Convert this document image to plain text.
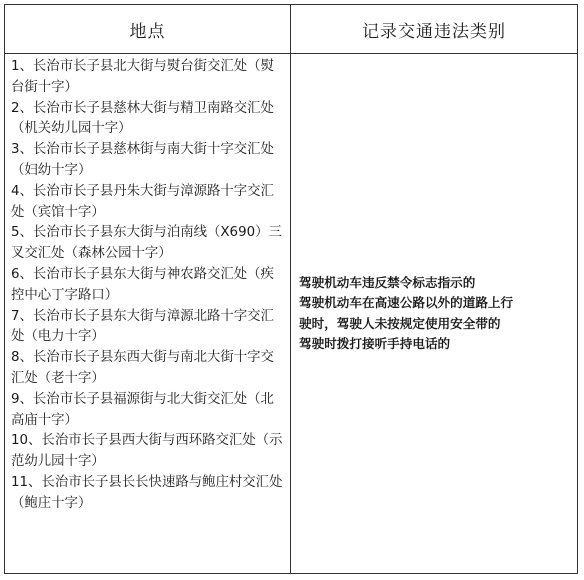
地点	记录交通违法类别

1、长治市长子县北大街与熨台街交汇处（熨台街十字）

2、长治市长子县慈林大街与精卫南路交汇处（机关幼儿园十字）

3、长治市长子县慈林街与南大街十字交汇处（妇幼十字）

4、长治市长子县丹朱大街与漳源路十字交汇处（宾馆十字）

5、长治市长子县东大街与泊南线（X690）三叉交汇处（森林公园十字）

6、长治市长子县东大街与神农路交汇处（疾控中心丁字路口）

7、长治市长子县东大街与漳源北路十字交汇处（电力十字）

8、长治市长子县东西大街与南北大街十字交汇处（老十字）

9、长治市长子县福源街与北大街交汇处（北高庙十字）

10、长治市长子县西大街与西环路交汇处（示范幼儿园十字）

11、长治市长子县长长快速路与鲍庄村交汇处（鲍庄十字）

驾驶机动车违反禁令标志指示的
驾驶机动车在高速公路以外的道路上行
驶时，驾驶人未按规定使用安全带的
驾驶时拨打接听手持电话的
